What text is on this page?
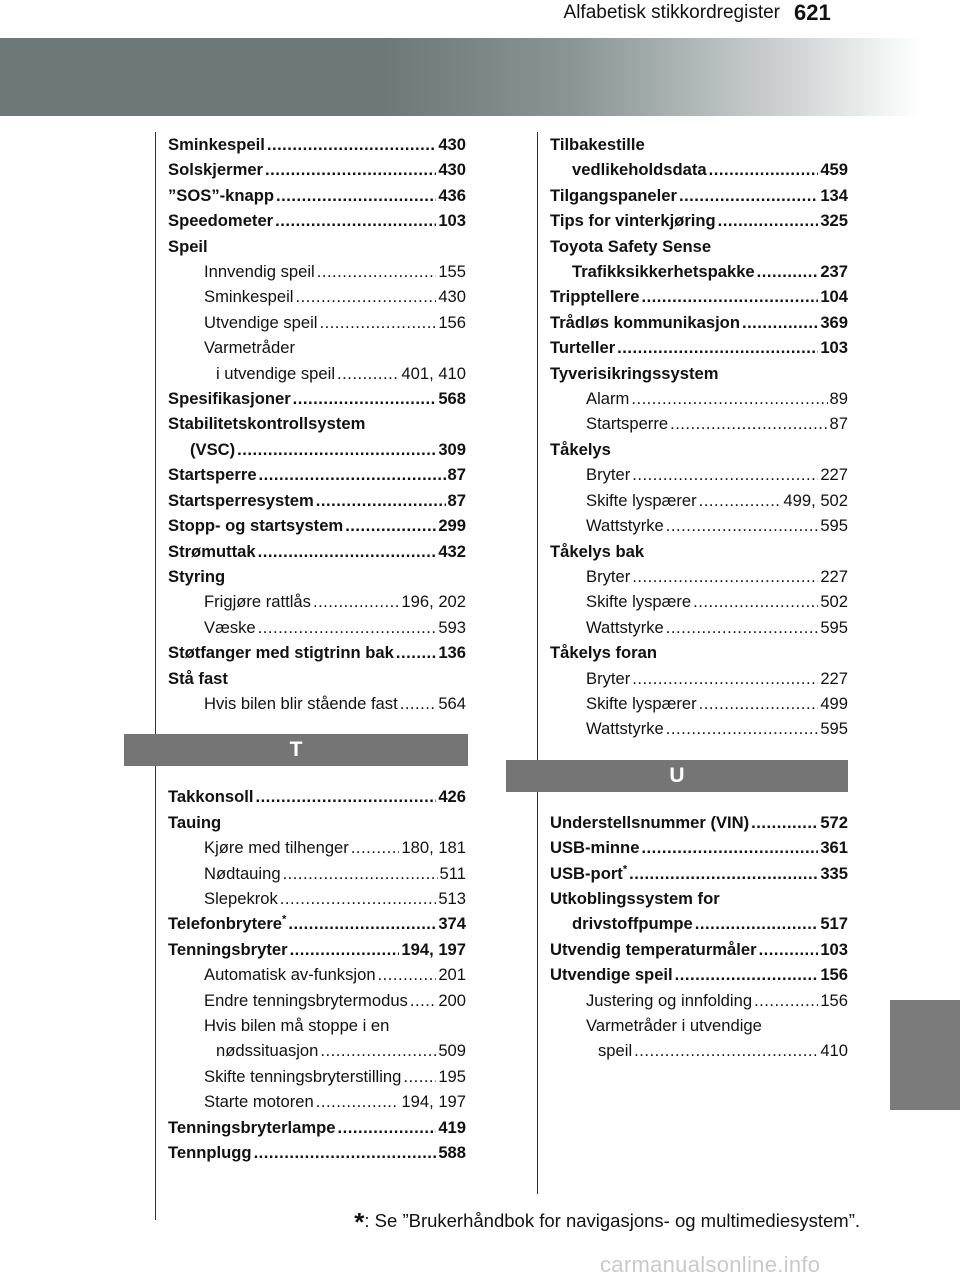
Alfabetisk stikkordregister 621
Sminkespeil .....	430
Solskjermer .....	430
”SOS”-knapp .....	436
Speedometer .....	103
Speil
Innvendig speil .....	155
Sminkespeil .....	430
Utvendige speil .....	156
Varmetråder
i utvendige speil .....	401, 410
Spesifikasjoner .....	568
Stabilitetskontrollsystem
(VSC) .....	309
Startsperre .....	87
Startsperresystem .....	87
Stopp- og startsystem .....	299
Strømuttak .....	432
Styring
Frigjøre rattlås .....	196, 202
Væske .....	593
Støtfanger med stigtrinn bak .....	136
Stå fast
Hvis bilen blir stående fast ..... 564
T
Takkonsoll .....	426
Tauing
Kjøre med tilhenger .....	180, 181
Nødtauing .....	511
Slepekrok .....	513
Telefonbrytere* .....	374
Tenningsbryter .....	194, 197
Automatisk av-funksjon .....	201
Endre tenningsbrytermodus ..... 200
Hvis bilen må stoppe i en
nødssituasjon .....	509
Skifte tenningsbryterstilling ..... 195
Starte motoren .....	194, 197
Tenningsbryterlampe .....	419
Tennplugg .....	588
Tilbakestille
vedlikeholdsdata .....	459
Tilgangspaneler .....	134
Tips for vinterkjøring .....	325
Toyota Safety Sense
Trafikksikkerhetspakke .....	237
Tripptellere .....	104
Trådløs kommunikasjon .....	369
Turteller .....	103
Tyverisikringssystem
Alarm .....	89
Startsperre .....	87
Tåkelys
Bryter .....	227
Skifte lyspærer .....	499, 502
Wattstyrke .....	595
Tåkelys bak
Bryter .....	227
Skifte lyspære .....	502
Wattstyrke .....	595
Tåkelys foran
Bryter .....	227
Skifte lyspærer .....	499
Wattstyrke .....	595
U
Understellsnummer (VIN) .....	572
USB-minne .....	361
USB-port* .....	335
Utkoblingssystem for
drivstoffpumpe .....	517
Utvendig temperaturmåler .....	103
Utvendige speil .....	156
Justering og innfolding .....	156
Varmetråder i utvendige
speil .....	410
*: Se ”Brukerhåndbok for navigasjons- og multimediesystem”.
carmanualsonline.info
